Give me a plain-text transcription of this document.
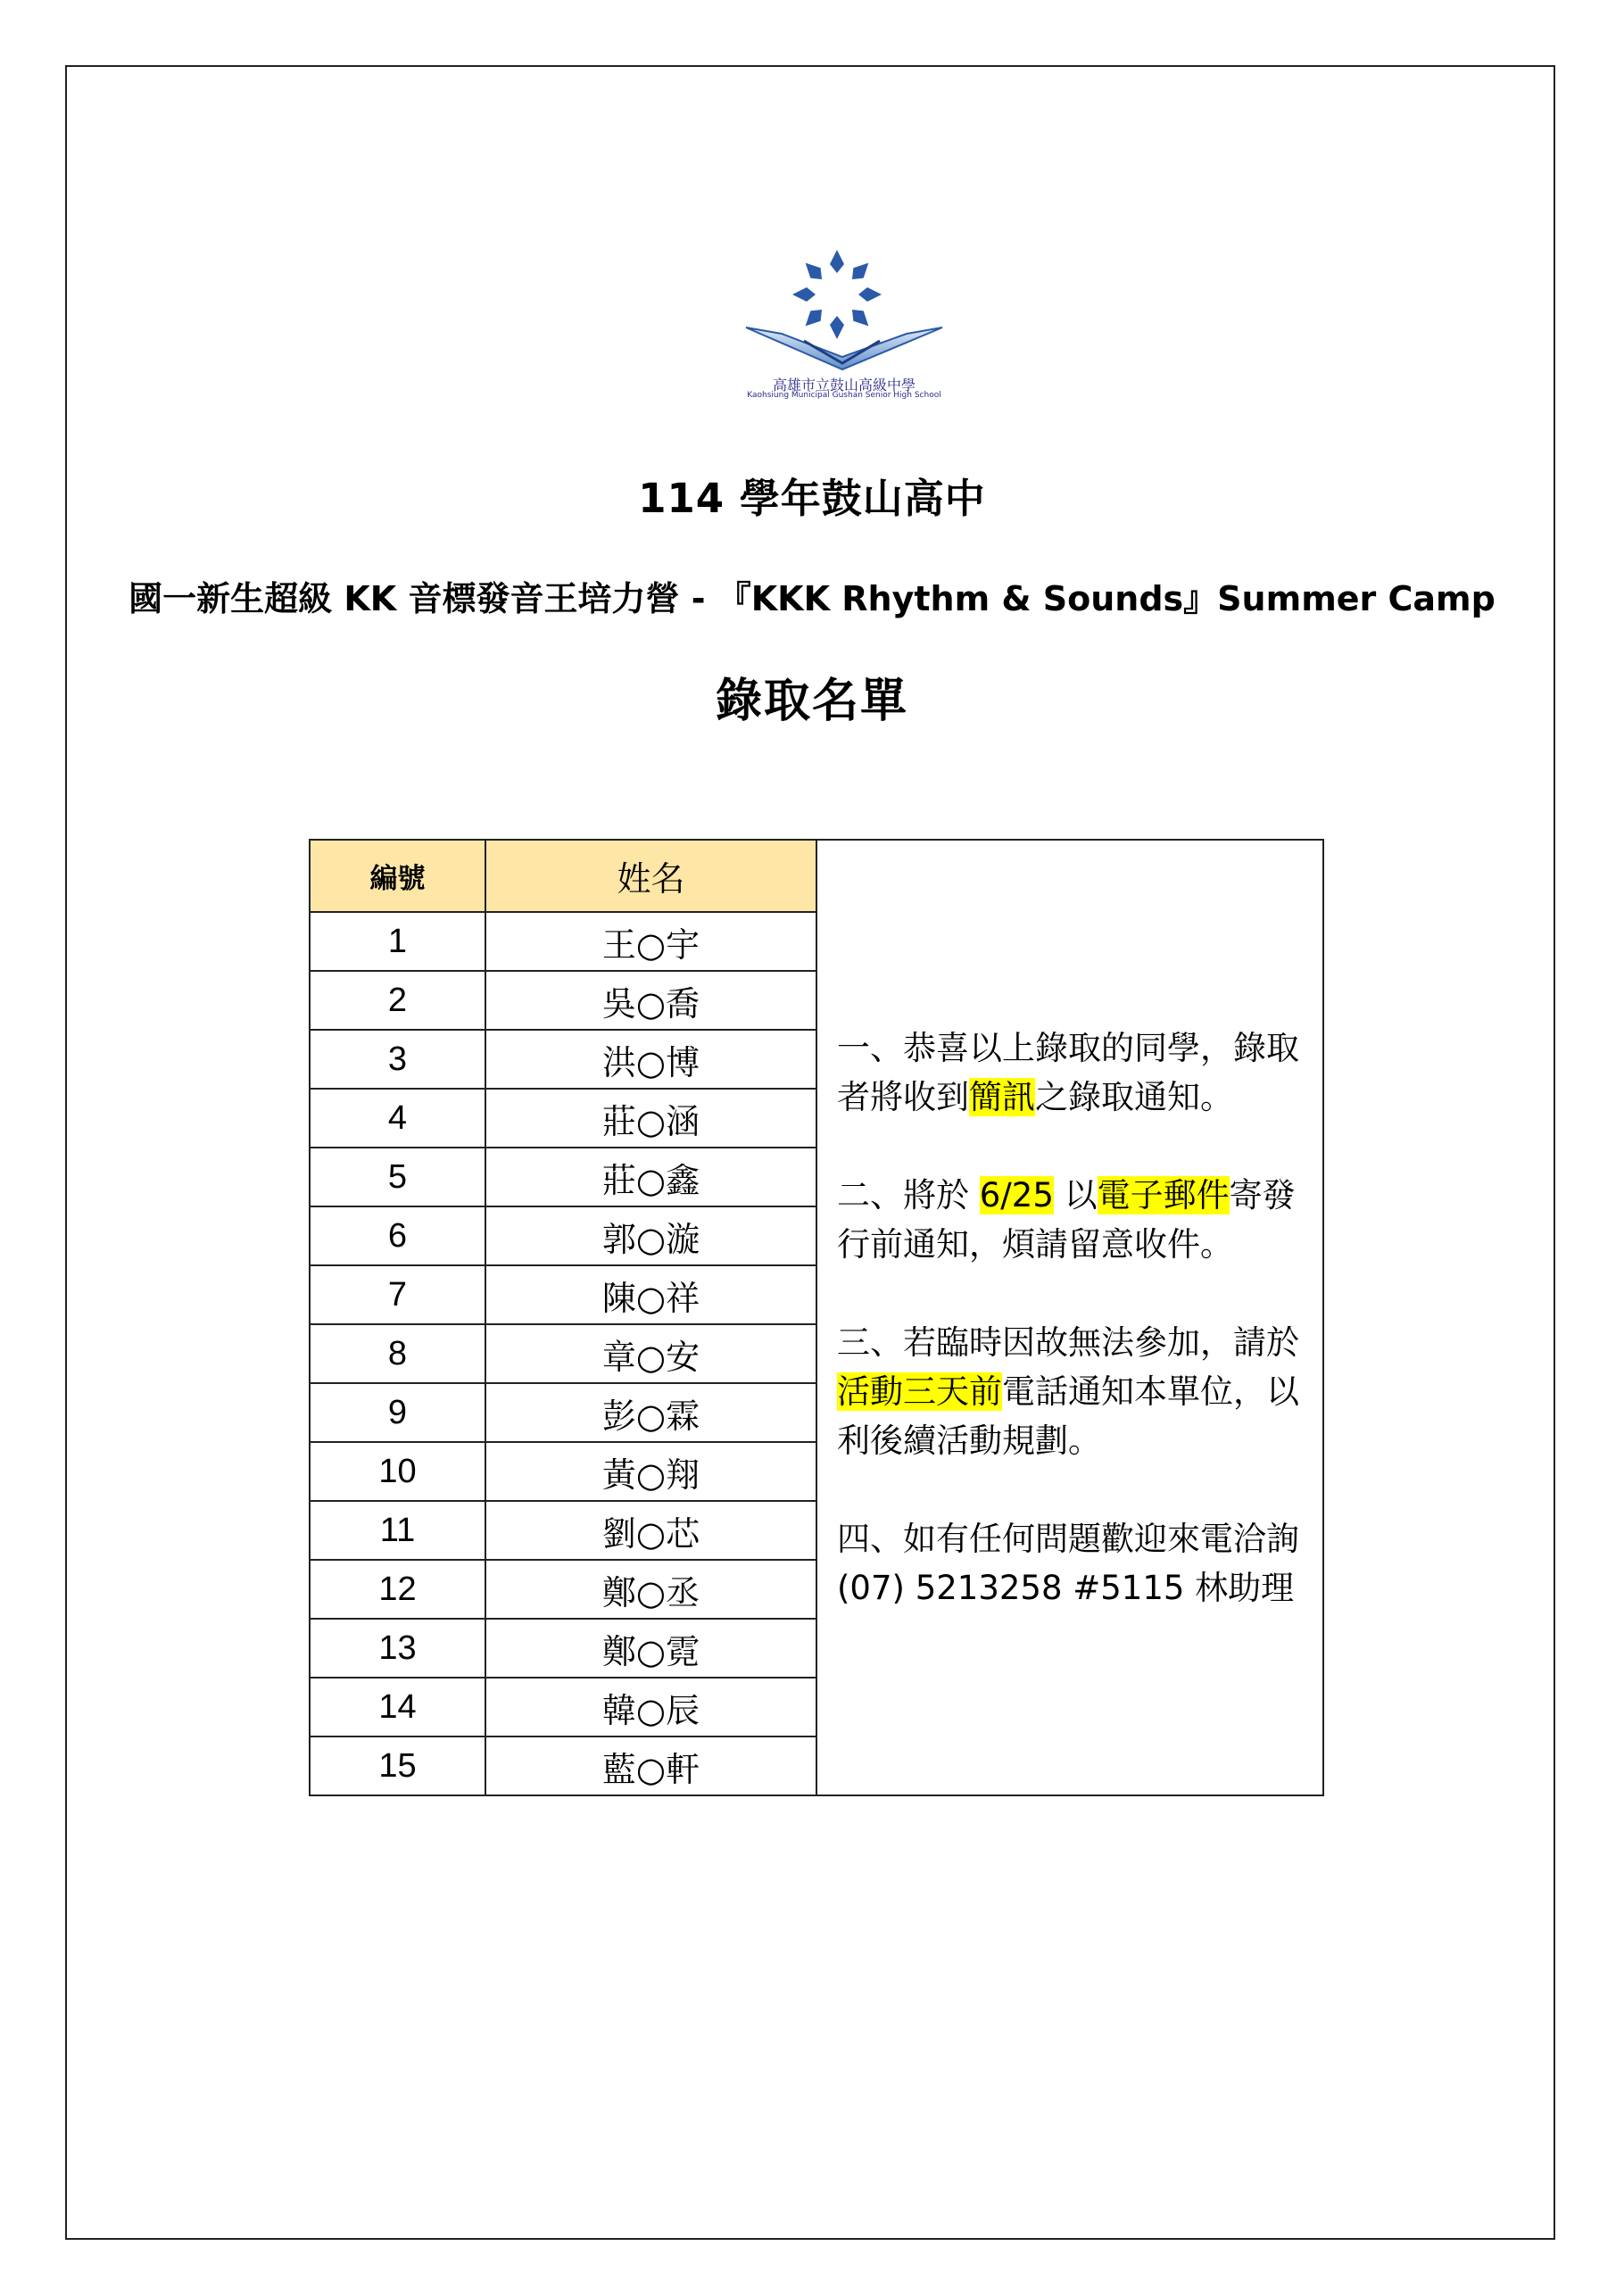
高雄市立鼓山高級中學
Kaohsiung Municipal Gushan Senior High School
114 學年鼓山高中
國一新生超級 KK 音標發音王培力營 - 『KKK Rhythm & Sounds』Summer Camp
錄取名單
編號	姓名	一、恭喜以上錄取的同學，錄取者將收到簡訊之錄取通知。
二、將於 6/25 以電子郵件寄發行前通知，煩請留意收件。
三、若臨時因故無法參加，請於活動三天前電話通知本單位，以利後續活動規劃。
四、如有任何問題歡迎來電洽詢 (07) 5213258 #5115 林助理

1	王○宇	
2	吳○喬	
3	洪○博	
4	莊○涵	
5	莊○鑫	
6	郭○漩	
7	陳○祥	
8	章○安	
9	彭○霖	
10	黃○翔	
11	劉○芯	
12	鄭○丞	
13	鄭○霓	
14	韓○辰	
15	藍○軒	
